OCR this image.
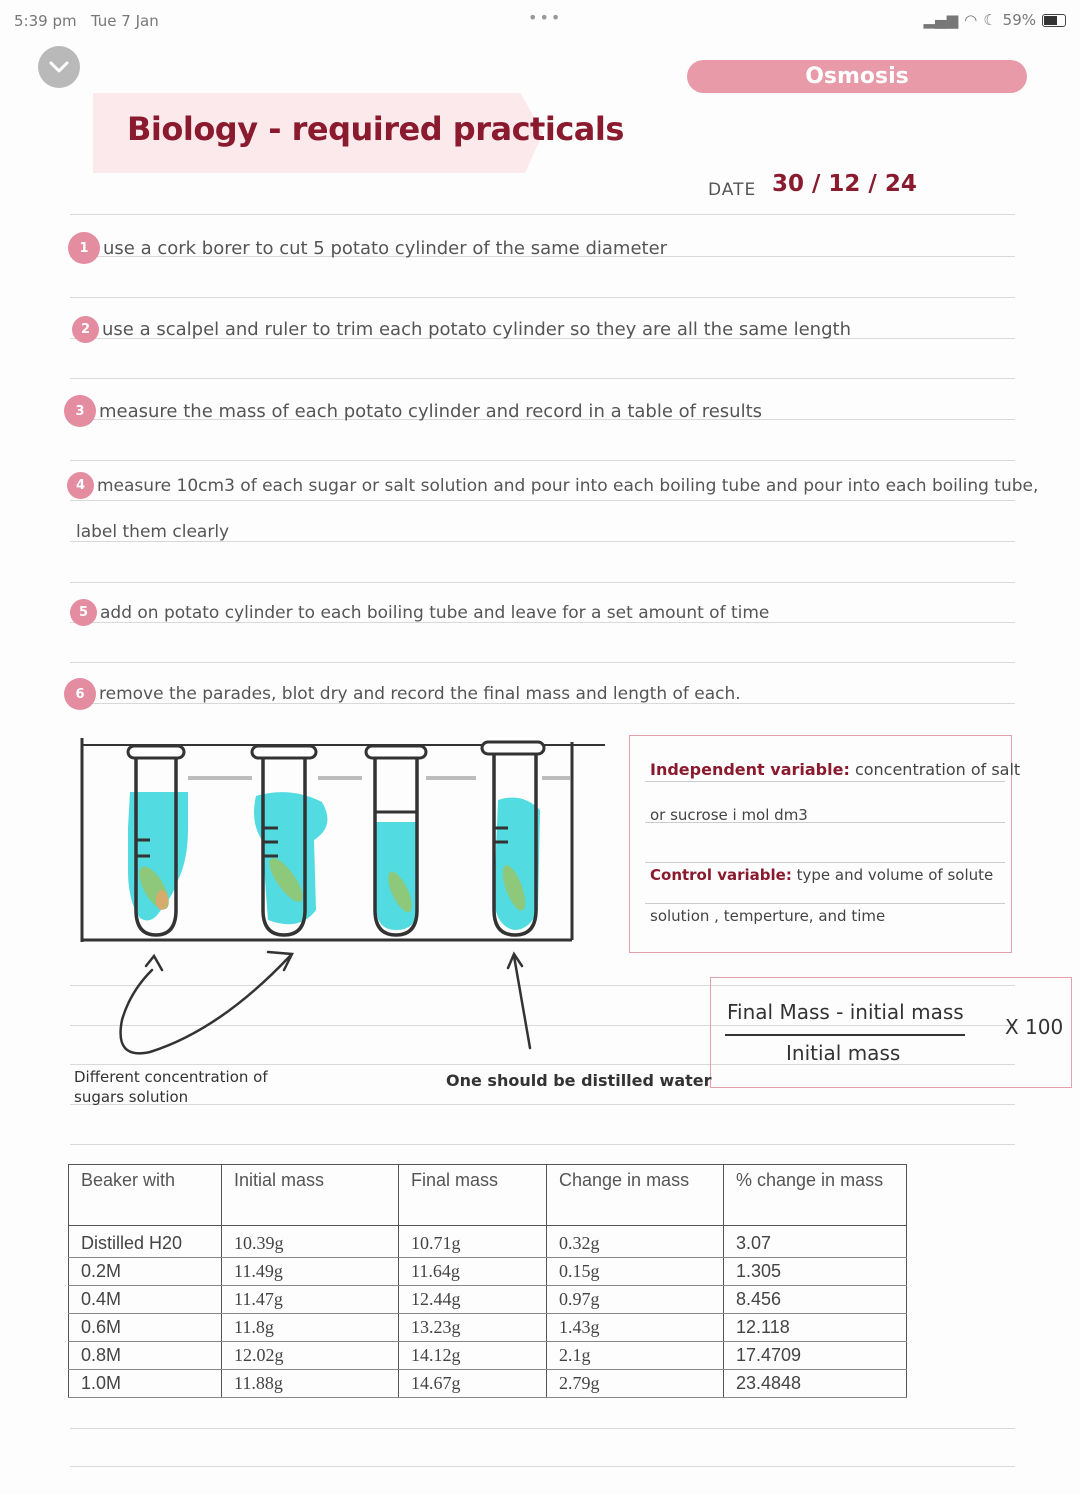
5:39 pm Tue 7 Jan	•••	▂▄▆ ◠ ☾ 59%
Biology - required practicals
Osmosis
DATE 30 / 12 / 24
1 use a cork borer to cut 5 potato cylinder of the same diameter
2 use a scalpel and ruler to trim each potato cylinder so they are all the same length
3 measure the mass of each potato cylinder and record in a table of results
4 measure 10cm3 of each sugar or salt solution and pour into each boiling tube and pour into each boiling tube,
label them clearly
5 add on potato cylinder to each boiling tube and leave for a set amount of time
6 remove the parades, blot dry and record the final mass and length of each.
Independent variable: concentration of salt
or sucrose i mol dm3
Control variable: type and volume of solute
solution , temperture, and time
Final Mass - initial mass
Initial mass
X 100
Different concentration of sugars solution
One should be distilled water
Beaker with	Initial mass	Final mass	Change in mass	% change in mass
Distilled H20	10.39g	10.71g	0.32g	3.07
0.2M	11.49g	11.64g	0.15g	1.305
0.4M	11.47g	12.44g	0.97g	8.456
0.6M	11.8g	13.23g	1.43g	12.118
0.8M	12.02g	14.12g	2.1g	17.4709
1.0M	11.88g	14.67g	2.79g	23.4848
